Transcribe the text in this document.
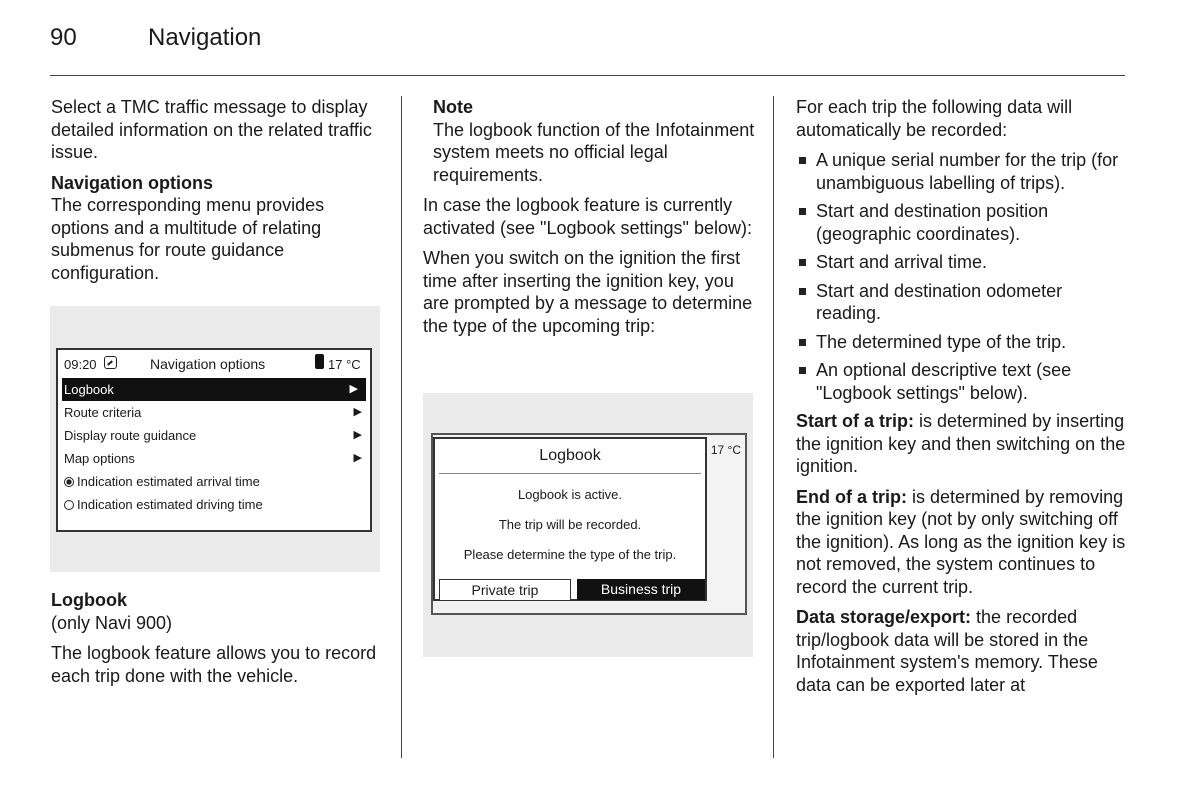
90	Navigation

Select a TMC traffic message to display detailed information on the related traffic issue.

Navigation options

The corresponding menu provides options and a multitude of relating submenus for route guidance configuration.

09:20	Navigation options	17 °C
Logbook	▶
Route criteria	▶
Display route guidance	▶
Map options	▶
Indication estimated arrival time
Indication estimated driving time

Logbook

(only Navi 900)

The logbook feature allows you to record each trip done with the vehicle.

Note

The logbook function of the Infotainment system meets no official legal requirements.

In case the logbook feature is currently activated (see "Logbook settings" below):

When you switch on the ignition the first time after inserting the ignition key, you are prompted by a message to determine the type of the upcoming trip:

17 °C
Logbook
Logbook is active.
The trip will be recorded.
Please determine the type of the trip.
Private trip	Business trip

For each trip the following data will automatically be recorded:

A unique serial number for the trip (for unambiguous labelling of trips).
Start and destination position (geographic coordinates).
Start and arrival time.
Start and destination odometer reading.
The determined type of the trip.
An optional descriptive text (see "Logbook settings" below).

Start of a trip: is determined by inserting the ignition key and then switching on the ignition.

End of a trip: is determined by removing the ignition key (not by only switching off the ignition). As long as the ignition key is not removed, the system continues to record the current trip.

Data storage/export: the recorded trip/logbook data will be stored in the Infotainment system's memory. These data can be exported later at
